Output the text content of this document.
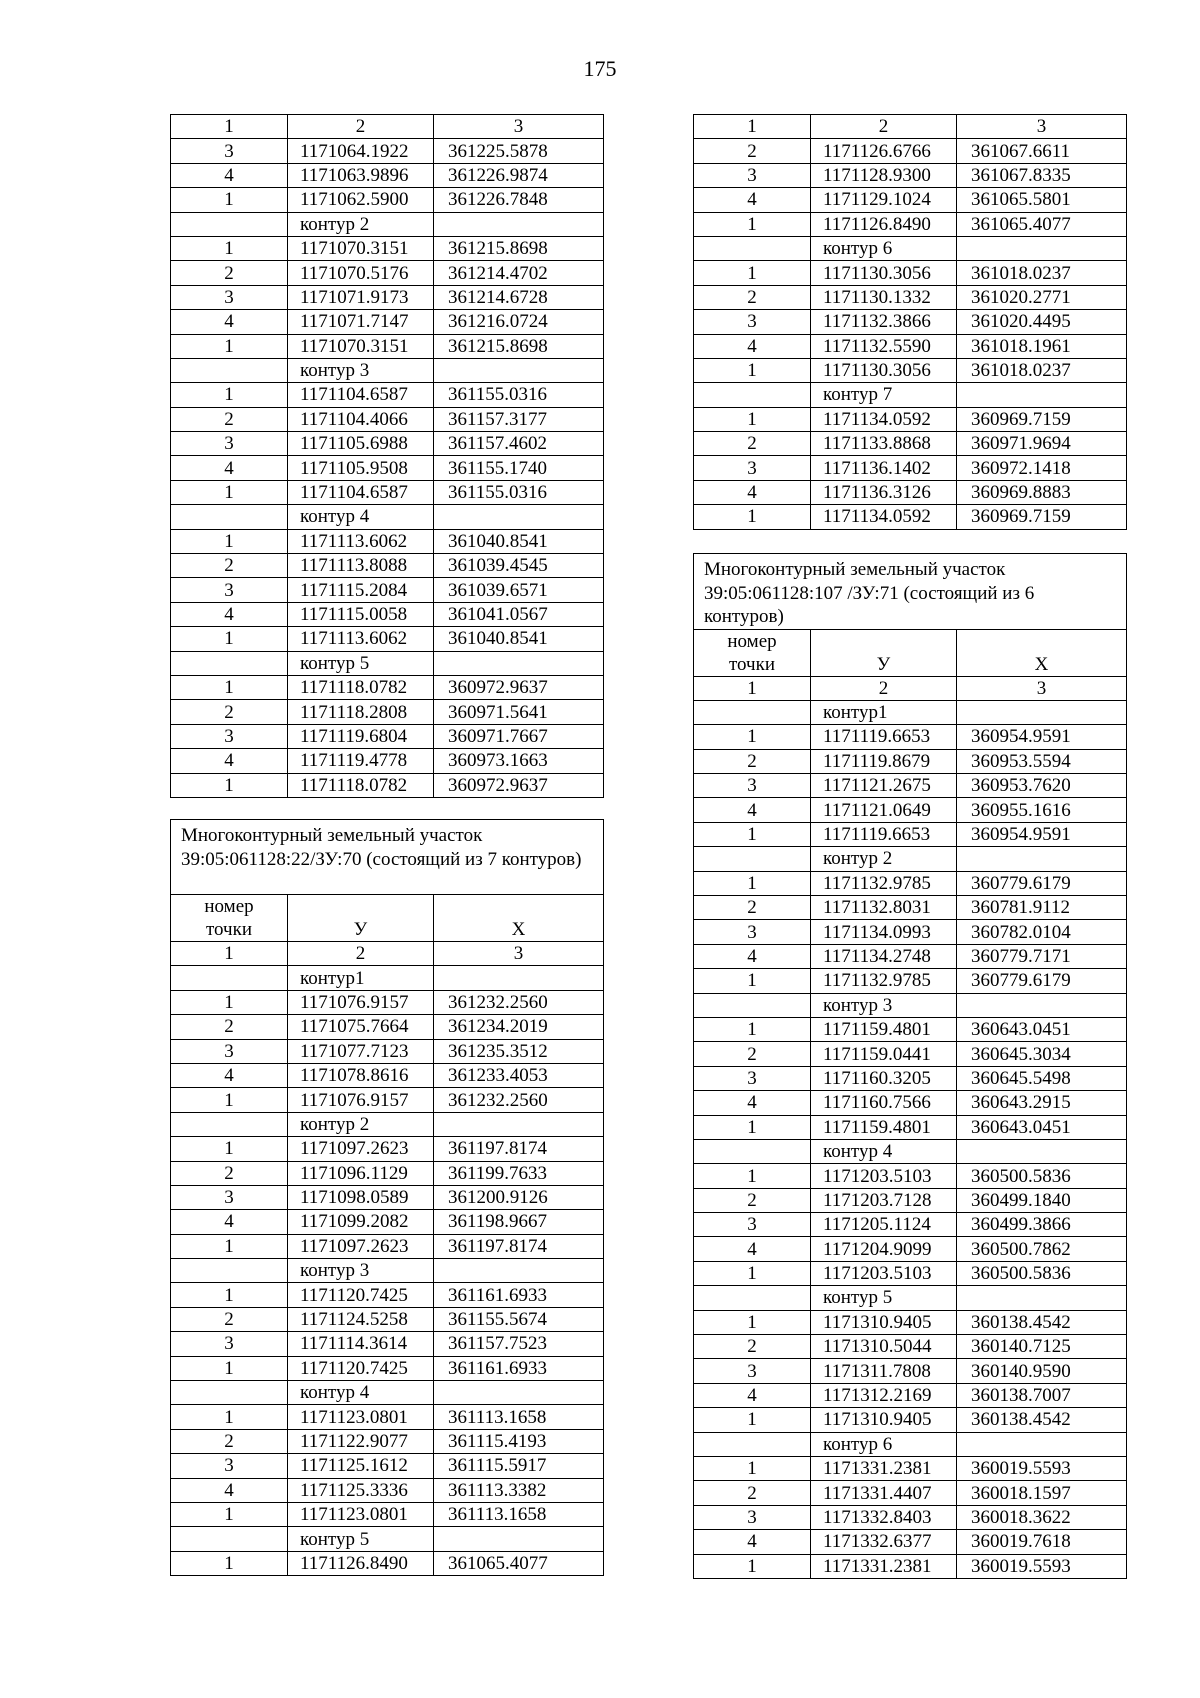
175
1	2	3
3	1171064.1922	361225.5878
4	1171063.9896	361226.9874
1	1171062.5900	361226.7848
	контур 2	
1	1171070.3151	361215.8698
2	1171070.5176	361214.4702
3	1171071.9173	361214.6728
4	1171071.7147	361216.0724
1	1171070.3151	361215.8698
	контур 3	
1	1171104.6587	361155.0316
2	1171104.4066	361157.3177
3	1171105.6988	361157.4602
4	1171105.9508	361155.1740
1	1171104.6587	361155.0316
	контур 4	
1	1171113.6062	361040.8541
2	1171113.8088	361039.4545
3	1171115.2084	361039.6571
4	1171115.0058	361041.0567
1	1171113.6062	361040.8541
	контур 5	
1	1171118.0782	360972.9637
2	1171118.2808	360971.5641
3	1171119.6804	360971.7667
4	1171119.4778	360973.1663
1	1171118.0782	360972.9637
Многоконтурный земельный участок 39:05:061128:22/ЗУ:70 (состоящий из 7 контуров)		

номер
точки	У	Х
1	2	3
	контур1	
1	1171076.9157	361232.2560
2	1171075.7664	361234.2019
3	1171077.7123	361235.3512
4	1171078.8616	361233.4053
1	1171076.9157	361232.2560
	контур 2	
1	1171097.2623	361197.8174
2	1171096.1129	361199.7633
3	1171098.0589	361200.9126
4	1171099.2082	361198.9667
1	1171097.2623	361197.8174
	контур 3	
1	1171120.7425	361161.6933
2	1171124.5258	361155.5674
3	1171114.3614	361157.7523
1	1171120.7425	361161.6933
	контур 4	
1	1171123.0801	361113.1658
2	1171122.9077	361115.4193
3	1171125.1612	361115.5917
4	1171125.3336	361113.3382
1	1171123.0801	361113.1658
	контур 5	
1	1171126.8490	361065.4077
1	2	3
2	1171126.6766	361067.6611
3	1171128.9300	361067.8335
4	1171129.1024	361065.5801
1	1171126.8490	361065.4077
	контур 6	
1	1171130.3056	361018.0237
2	1171130.1332	361020.2771
3	1171132.3866	361020.4495
4	1171132.5590	361018.1961
1	1171130.3056	361018.0237
	контур 7	
1	1171134.0592	360969.7159
2	1171133.8868	360971.9694
3	1171136.1402	360972.1418
4	1171136.3126	360969.8883
1	1171134.0592	360969.7159
Многоконтурный земельный участок 39:05:061128:107 /ЗУ:71 (состоящий из 6 контуров)		

номер
точки	У	Х
1	2	3
	контур1	
1	1171119.6653	360954.9591
2	1171119.8679	360953.5594
3	1171121.2675	360953.7620
4	1171121.0649	360955.1616
1	1171119.6653	360954.9591
	контур 2	
1	1171132.9785	360779.6179
2	1171132.8031	360781.9112
3	1171134.0993	360782.0104
4	1171134.2748	360779.7171
1	1171132.9785	360779.6179
	контур 3	
1	1171159.4801	360643.0451
2	1171159.0441	360645.3034
3	1171160.3205	360645.5498
4	1171160.7566	360643.2915
1	1171159.4801	360643.0451
	контур 4	
1	1171203.5103	360500.5836
2	1171203.7128	360499.1840
3	1171205.1124	360499.3866
4	1171204.9099	360500.7862
1	1171203.5103	360500.5836
	контур 5	
1	1171310.9405	360138.4542
2	1171310.5044	360140.7125
3	1171311.7808	360140.9590
4	1171312.2169	360138.7007
1	1171310.9405	360138.4542
	контур 6	
1	1171331.2381	360019.5593
2	1171331.4407	360018.1597
3	1171332.8403	360018.3622
4	1171332.6377	360019.7618
1	1171331.2381	360019.5593
